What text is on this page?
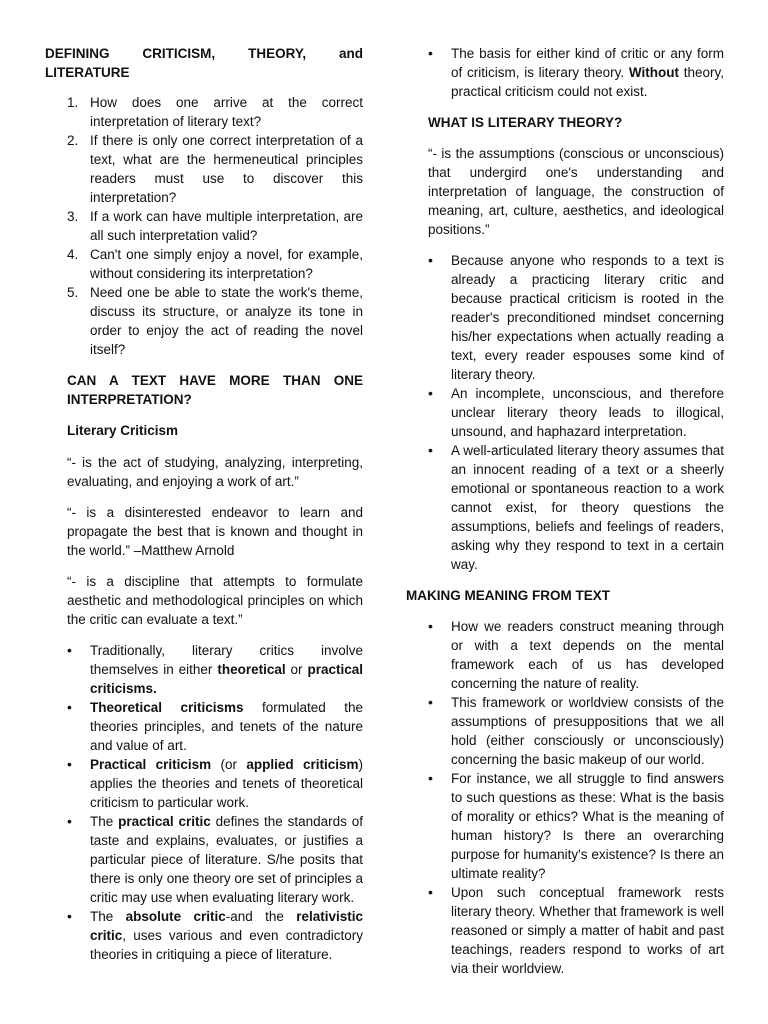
DEFINING CRITICISM, THEORY, and LITERATURE
1. How does one arrive at the correct interpretation of literary text?
2. If there is only one correct interpretation of a text, what are the hermeneutical principles readers must use to discover this interpretation?
3. If a work can have multiple interpretation, are all such interpretation valid?
4. Can't one simply enjoy a novel, for example, without considering its interpretation?
5. Need one be able to state the work's theme, discuss its structure, or analyze its tone in order to enjoy the act of reading the novel itself?
CAN A TEXT HAVE MORE THAN ONE INTERPRETATION?
Literary Criticism

“- is the act of studying, analyzing, interpreting, evaluating, and enjoying a work of art.”

“- is a disinterested endeavor to learn and propagate the best that is known and thought in the world.” –Matthew Arnold

“- is a discipline that attempts to formulate aesthetic and methodological principles on which the critic can evaluate a text.”

• Traditionally, literary critics involve themselves in either theoretical or practical criticisms.
• Theoretical criticisms formulated the theories principles, and tenets of the nature and value of art.
• Practical criticism (or applied criticism) applies the theories and tenets of theoretical criticism to particular work.
• The practical critic defines the standards of taste and explains, evaluates, or justifies a particular piece of literature. S/he posits that there is only one theory ore set of principles a critic may use when evaluating literary work.
• The absolute critic-and the relativistic critic, uses various and even contradictory theories in critiquing a piece of literature.
• The basis for either kind of critic or any form of criticism, is literary theory. Without theory, practical criticism could not exist.
WHAT IS LITERARY THEORY?

“- is the assumptions (conscious or unconscious) that undergird one's understanding and interpretation of language, the construction of meaning, art, culture, aesthetics, and ideological positions.”

• Because anyone who responds to a text is already a practicing literary critic and because practical criticism is rooted in the reader's preconditioned mindset concerning his/her expectations when actually reading a text, every reader espouses some kind of literary theory.
• An incomplete, unconscious, and therefore unclear literary theory leads to illogical, unsound, and haphazard interpretation.
• A well-articulated literary theory assumes that an innocent reading of a text or a sheerly emotional or spontaneous reaction to a work cannot exist, for theory questions the assumptions, beliefs and feelings of readers, asking why they respond to text in a certain way.
MAKING MEANING FROM TEXT
• How we readers construct meaning through or with a text depends on the mental framework each of us has developed concerning the nature of reality.
• This framework or worldview consists of the assumptions of presuppositions that we all hold (either consciously or unconsciously) concerning the basic makeup of our world.
• For instance, we all struggle to find answers to such questions as these: What is the basis of morality or ethics? What is the meaning of human history? Is there an overarching purpose for humanity's existence? Is there an ultimate reality?
• Upon such conceptual framework rests literary theory. Whether that framework is well reasoned or simply a matter of habit and past teachings, readers respond to works of art via their worldview.
